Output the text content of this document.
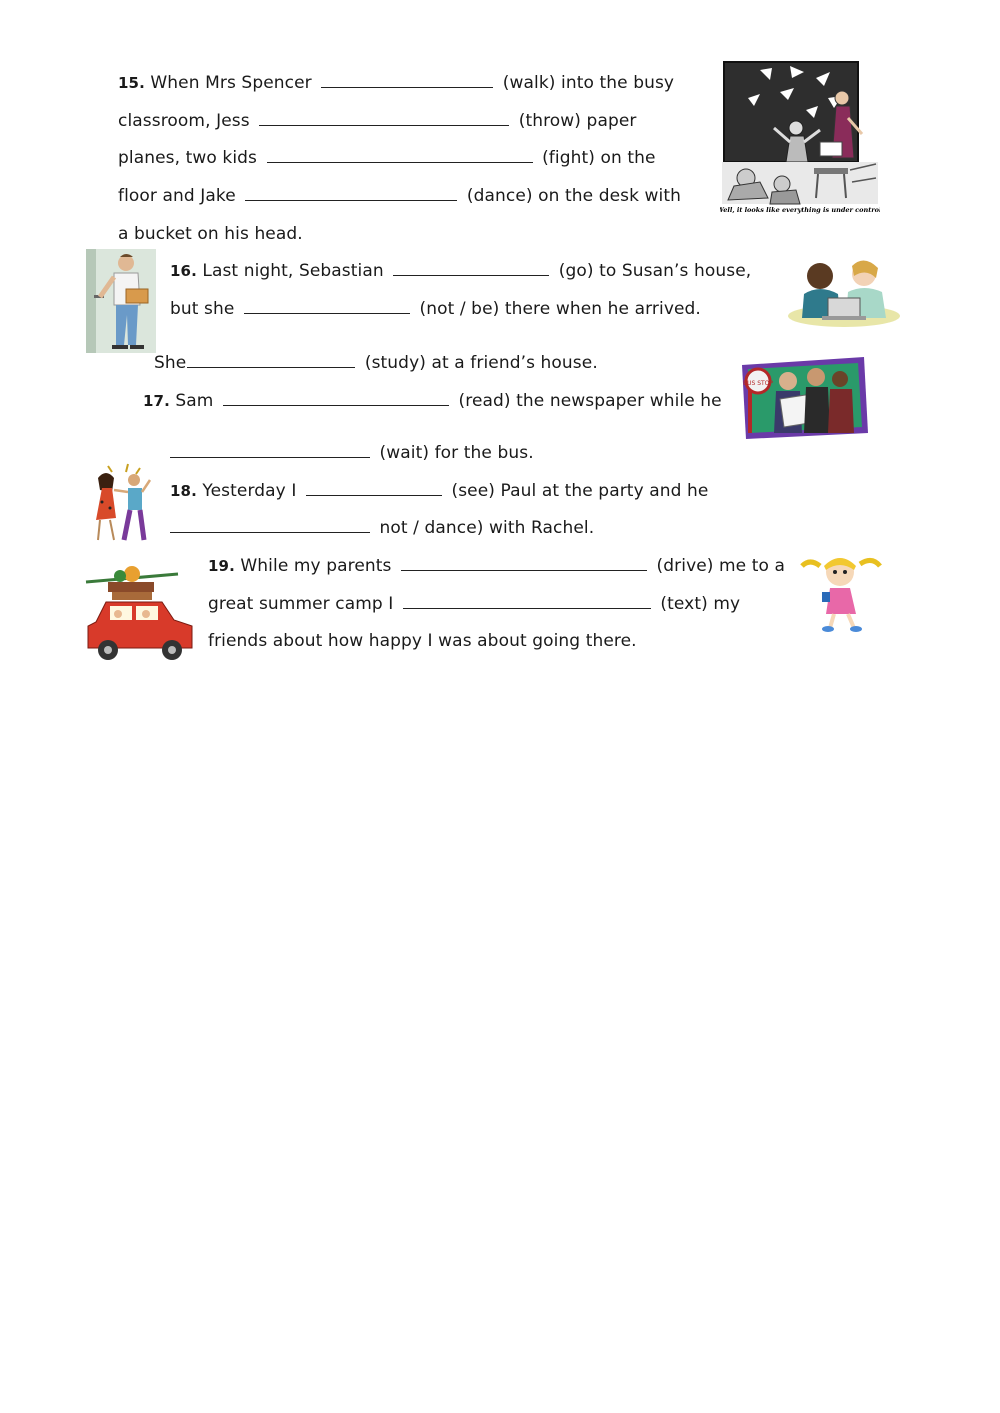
15. When Mrs Spencer	(walk) into the busy
classroom, Jess	(throw) paper
planes, two kids	(fight) on the
floor and Jake	(dance) on the desk with
a bucket on his head.
“Well, it looks like everything is under control.”
16. Last night, Sebastian	(go) to Susan’s house,
but she	(not / be) there when he arrived.
She	(study) at a friend’s house.
17. Sam	(read) the newspaper while he
BUS STOP
(wait) for the bus.
18. Yesterday I	(see) Paul at the party and he
not / dance) with Rachel.
19. While my parents	(drive) me to a
great summer camp I	(text) my
friends about how happy I was about going there.
